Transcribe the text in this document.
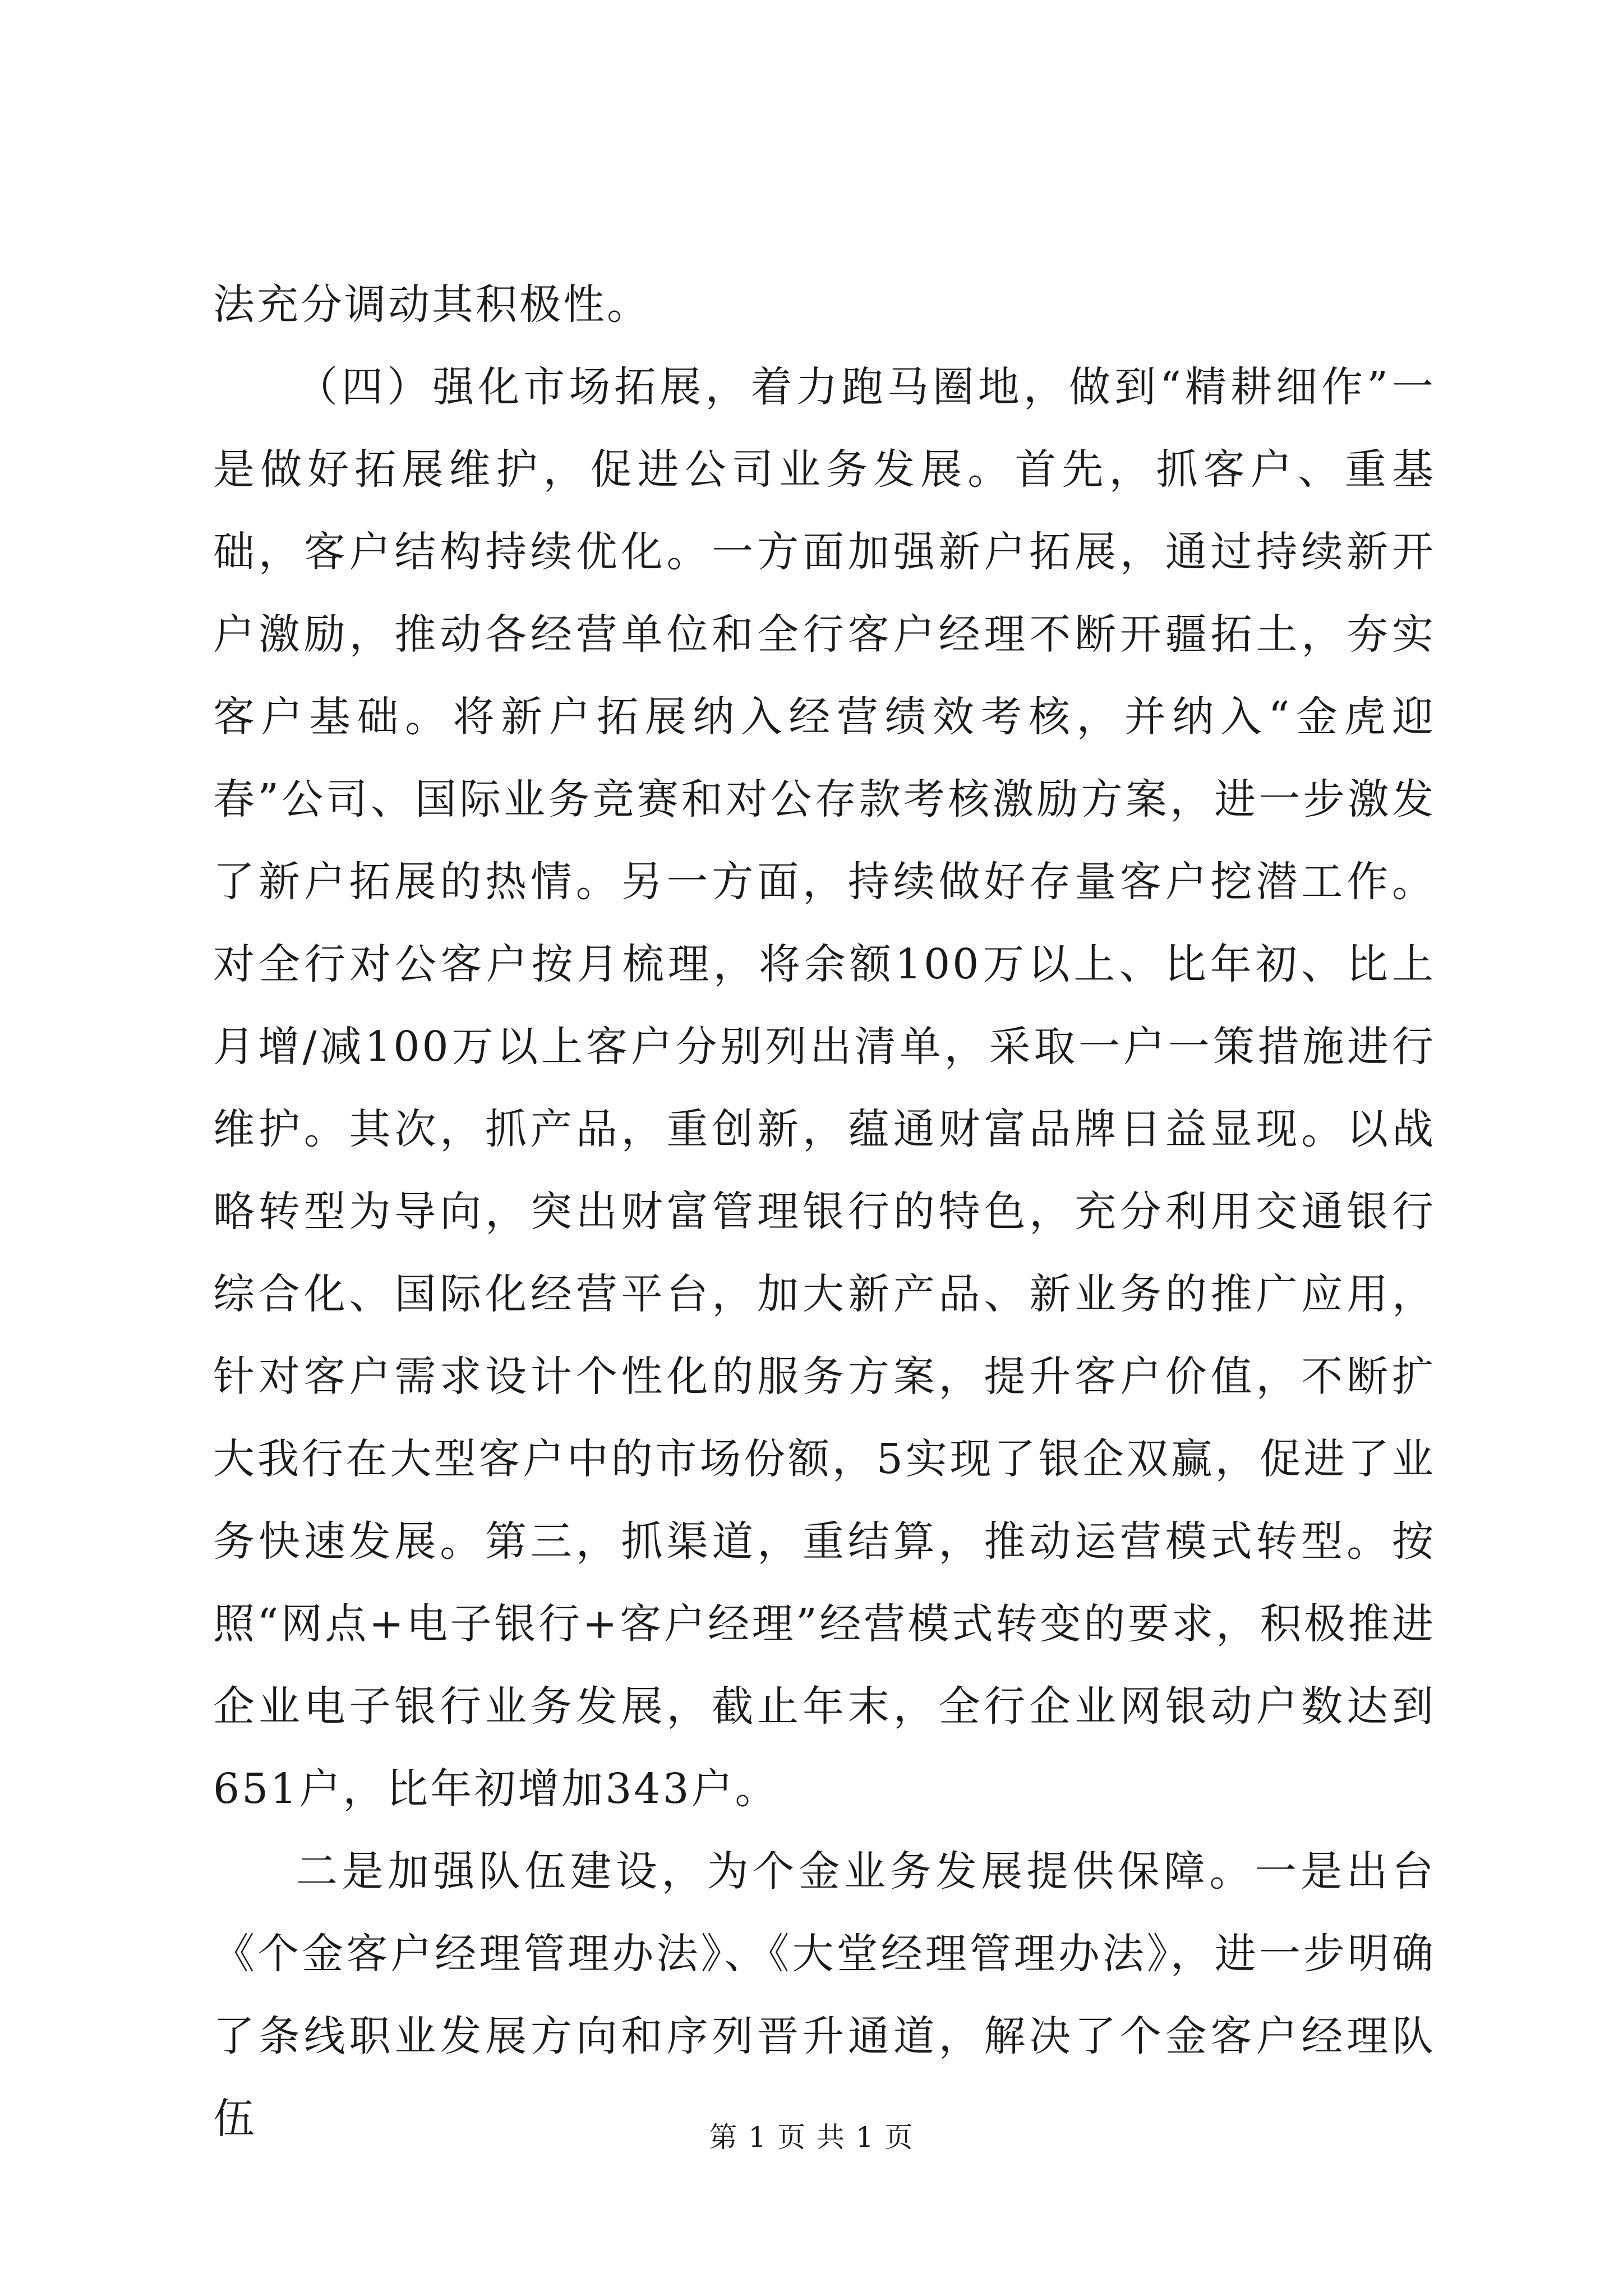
法充分调动其积极性。

（四）强化市场拓展，着力跑马圈地，做到“精耕细作”一是做好拓展维护，促进公司业务发展。首先，抓客户、重基础，客户结构持续优化。一方面加强新户拓展，通过持续新开户激励，推动各经营单位和全行客户经理不断开疆拓土，夯实客户基础。将新户拓展纳入经营绩效考核，并纳入“金虎迎春”公司、国际业务竞赛和对公存款考核激励方案，进一步激发了新户拓展的热情。另一方面，持续做好存量客户挖潜工作。对全行对公客户按月梳理，将余额100万以上、比年初、比上月增/减100万以上客户分别列出清单，采取一户一策措施进行维护。其次，抓产品，重创新，蕴通财富品牌日益显现。以战略转型为导向，突出财富管理银行的特色，充分利用交通银行综合化、国际化经营平台，加大新产品、新业务的推广应用，针对客户需求设计个性化的服务方案，提升客户价值，不断扩大我行在大型客户中的市场份额，5实现了银企双赢，促进了业务快速发展。第三，抓渠道，重结算，推动运营模式转型。按照“网点+电子银行+客户经理”经营模式转变的要求，积极推进企业电子银行业务发展，截止年末，全行企业网银动户数达到651户，比年初增加343户。

二是加强队伍建设，为个金业务发展提供保障。一是出台《个金客户经理管理办法》、《大堂经理管理办法》，进一步明确了条线职业发展方向和序列晋升通道，解决了个金客户经理队伍	第 1 页 共 1 页
